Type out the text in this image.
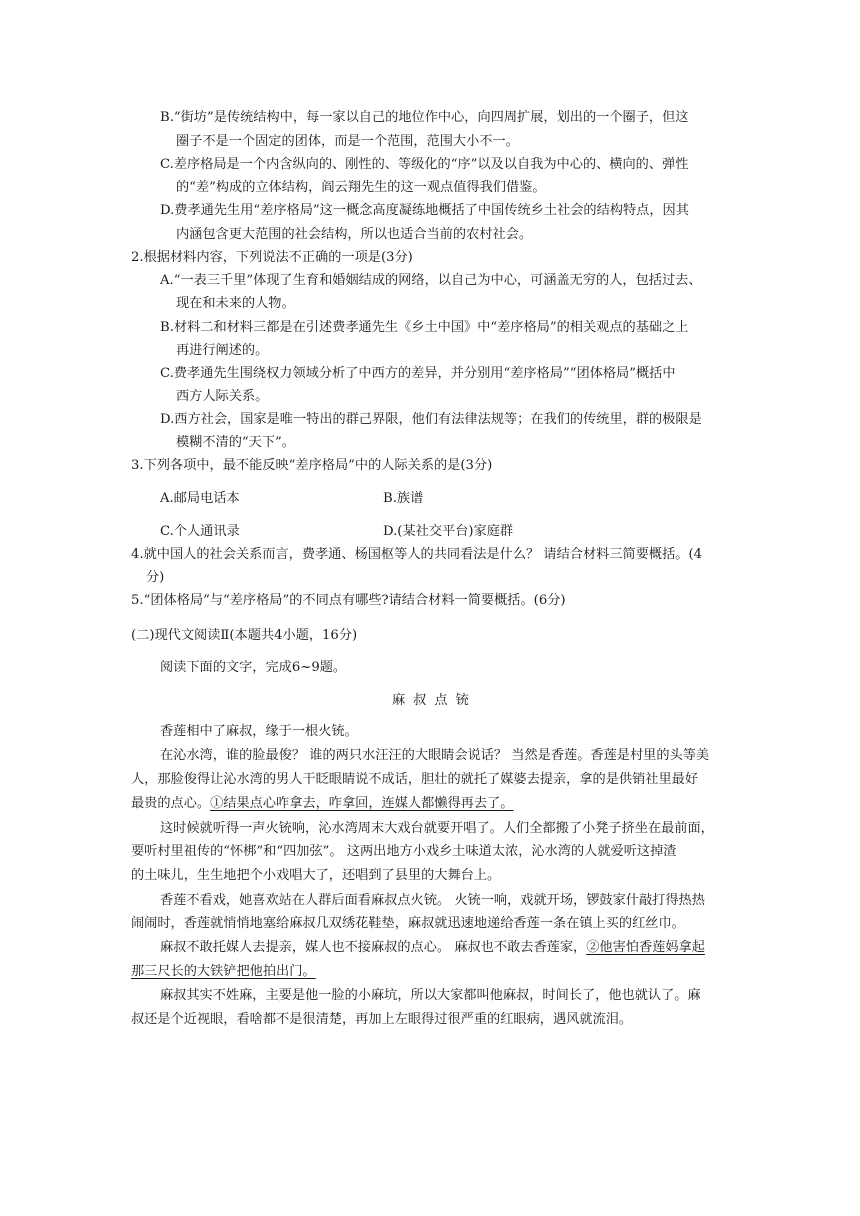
B.“街坊”是传统结构中，每一家以自己的地位作中心，向四周扩展，划出的一个圈子，但这
圈子不是一个固定的团体，而是一个范围，范围大小不一。
C.差序格局是一个内含纵向的、刚性的、等级化的“序”以及以自我为中心的、横向的、弹性
的“差”构成的立体结构，阎云翔先生的这一观点值得我们借鉴。
D.费孝通先生用“差序格局”这一概念高度凝练地概括了中国传统乡土社会的结构特点，因其
内涵包含更大范围的社会结构，所以也适合当前的农村社会。
2.根据材料内容，下列说法不正确的一项是(3分)
A.“一表三千里”体现了生育和婚姻结成的网络，以自己为中心，可涵盖无穷的人，包括过去、
现在和未来的人物。
B.材料二和材料三都是在引述费孝通先生《乡土中国》中“差序格局”的相关观点的基础之上
再进行阐述的。
C.费孝通先生围绕权力领域分析了中西方的差异，并分别用“差序格局”“团体格局”概括中
西方人际关系。
D.西方社会，国家是唯一特出的群己界限，他们有法律法规等；在我们的传统里，群的极限是
模糊不清的“天下”。
3.下列各项中，最不能反映“差序格局”中的人际关系的是(3分)
A.邮局电话本	B.族谱
C.个人通讯录	D.(某社交平台)家庭群
4.就中国人的社会关系而言，费孝通、杨国枢等人的共同看法是什么？ 请结合材料三简要概括。(4
分)
5.“团体格局”与“差序格局”的不同点有哪些?请结合材料一简要概括。(6分)
(二)现代文阅读Ⅱ(本题共4小题，16分)
阅读下面的文字，完成6~9题。
麻叔点铳
香莲相中了麻叔，缘于一根火铳。
在沁水湾，谁的脸最俊？ 谁的两只水汪汪的大眼睛会说话？ 当然是香莲。香莲是村里的头等美
人，那脸俊得让沁水湾的男人干眨眼睛说不成话，胆壮的就托了媒婆去提亲，拿的是供销社里最好
最贵的点心。①结果点心咋拿去，咋拿回，连媒人都懒得再去了。
这时候就听得一声火铳响，沁水湾周末大戏台就要开唱了。人们全都搬了小凳子挤坐在最前面，
要听村里祖传的“怀梆”和“四加弦”。 这两出地方小戏乡土味道太浓，沁水湾的人就爱听这掉渣
的土味儿，生生地把个小戏唱大了，还唱到了县里的大舞台上。
香莲不看戏，她喜欢站在人群后面看麻叔点火铳。 火铳一响，戏就开场，锣鼓家什敲打得热热
闹闹时，香莲就悄悄地塞给麻叔几双绣花鞋垫，麻叔就迅速地递给香莲一条在镇上买的红丝巾。
麻叔不敢托媒人去提亲，媒人也不接麻叔的点心。 麻叔也不敢去香莲家，②他害怕香莲妈拿起
那三尺长的大铁铲把他拍出门。
麻叔其实不姓麻，主要是他一脸的小麻坑，所以大家都叫他麻叔，时间长了，他也就认了。麻
叔还是个近视眼，看啥都不是很清楚，再加上左眼得过很严重的红眼病，遇风就流泪。
